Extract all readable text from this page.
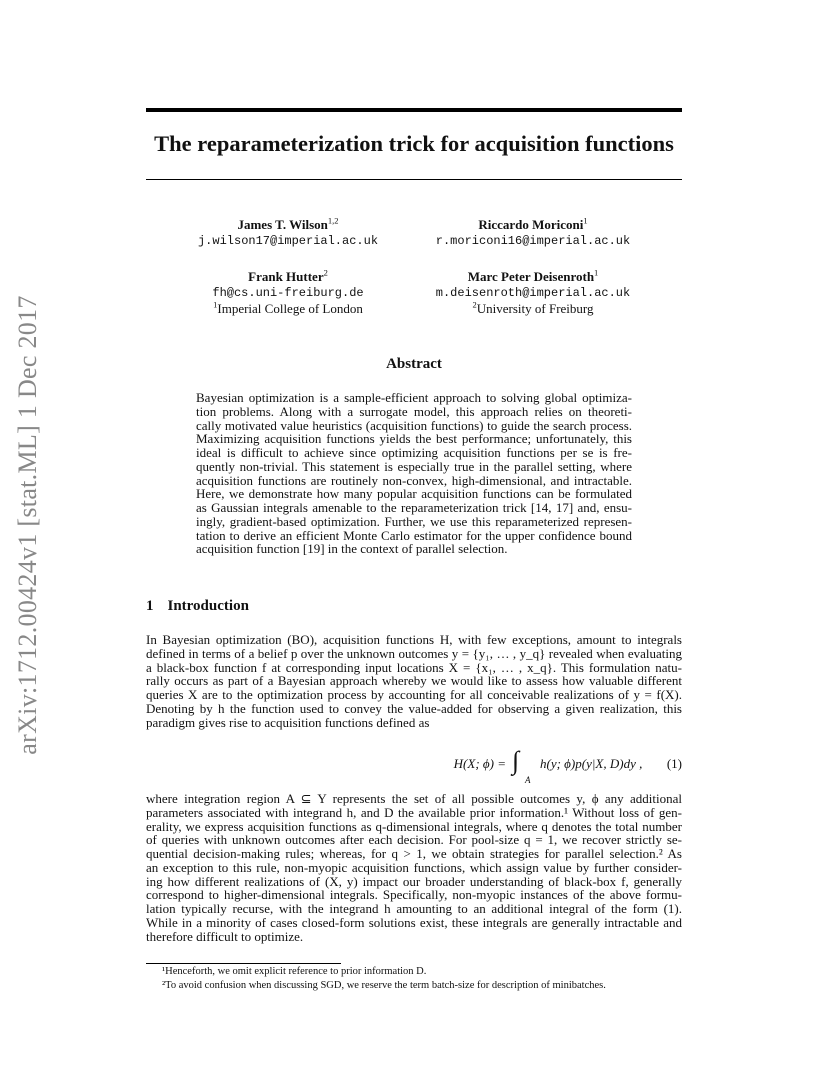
arXiv:1712.00424v1 [stat.ML] 1 Dec 2017
The reparameterization trick for acquisition functions
James T. Wilson$^{1,2}$
j.wilson17@imperial.ac.uk
Riccardo Moriconi$^1$
r.moriconi16@imperial.ac.uk
Frank Hutter$^2$
fh@cs.uni-freiburg.de
$^1$Imperial College of London
Marc Peter Deisenroth$^1$
m.deisenroth@imperial.ac.uk
$^2$University of Freiburg
Abstract
Bayesian optimization is a sample-efficient approach to solving global optimiza-
tion problems. Along with a surrogate model, this approach relies on theoreti-
cally motivated value heuristics (acquisition functions) to guide the search process.
Maximizing acquisition functions yields the best performance; unfortunately, this
ideal is difficult to achieve since optimizing acquisition functions per se is fre-
quently non-trivial. This statement is especially true in the parallel setting, where
acquisition functions are routinely non-convex, high-dimensional, and intractable.
Here, we demonstrate how many popular acquisition functions can be formulated
as Gaussian integrals amenable to the reparameterization trick [14, 17] and, ensu-
ingly, gradient-based optimization. Further, we use this reparameterized represen-
tation to derive an efficient Monte Carlo estimator for the upper confidence bound
acquisition function [19] in the context of parallel selection.
1 Introduction
In Bayesian optimization (BO), acquisition functions H, with few exceptions, amount to integrals
defined in terms of a belief p over the unknown outcomes y = {y₁, … , y_q} revealed when evaluating
a black-box function f at corresponding input locations X = {x₁, … , x_q}. This formulation natu-
rally occurs as part of a Bayesian approach whereby we would like to assess how valuable different
queries X are to the optimization process by accounting for all conceivable realizations of y = f(X).
Denoting by h the function used to convey the value-added for observing a given realization, this
paradigm gives rise to acquisition functions defined as
H(X; ϕ) = ∫
A
h(y; ϕ)p(y|X, D)dy , (1)
where integration region A ⊆ Y represents the set of all possible outcomes y, ϕ any additional
parameters associated with integrand h, and D the available prior information.¹ Without loss of gen-
erality, we express acquisition functions as q-dimensional integrals, where q denotes the total number
of queries with unknown outcomes after each decision. For pool-size q = 1, we recover strictly se-
quential decision-making rules; whereas, for q > 1, we obtain strategies for parallel selection.² As
an exception to this rule, non-myopic acquisition functions, which assign value by further consider-
ing how different realizations of (X, y) impact our broader understanding of black-box f, generally
correspond to higher-dimensional integrals. Specifically, non-myopic instances of the above formu-
lation typically recurse, with the integrand h amounting to an additional integral of the form (1).
While in a minority of cases closed-form solutions exist, these integrals are generally intractable and
therefore difficult to optimize.
¹Henceforth, we omit explicit reference to prior information D.
²To avoid confusion when discussing SGD, we reserve the term batch-size for description of minibatches.
